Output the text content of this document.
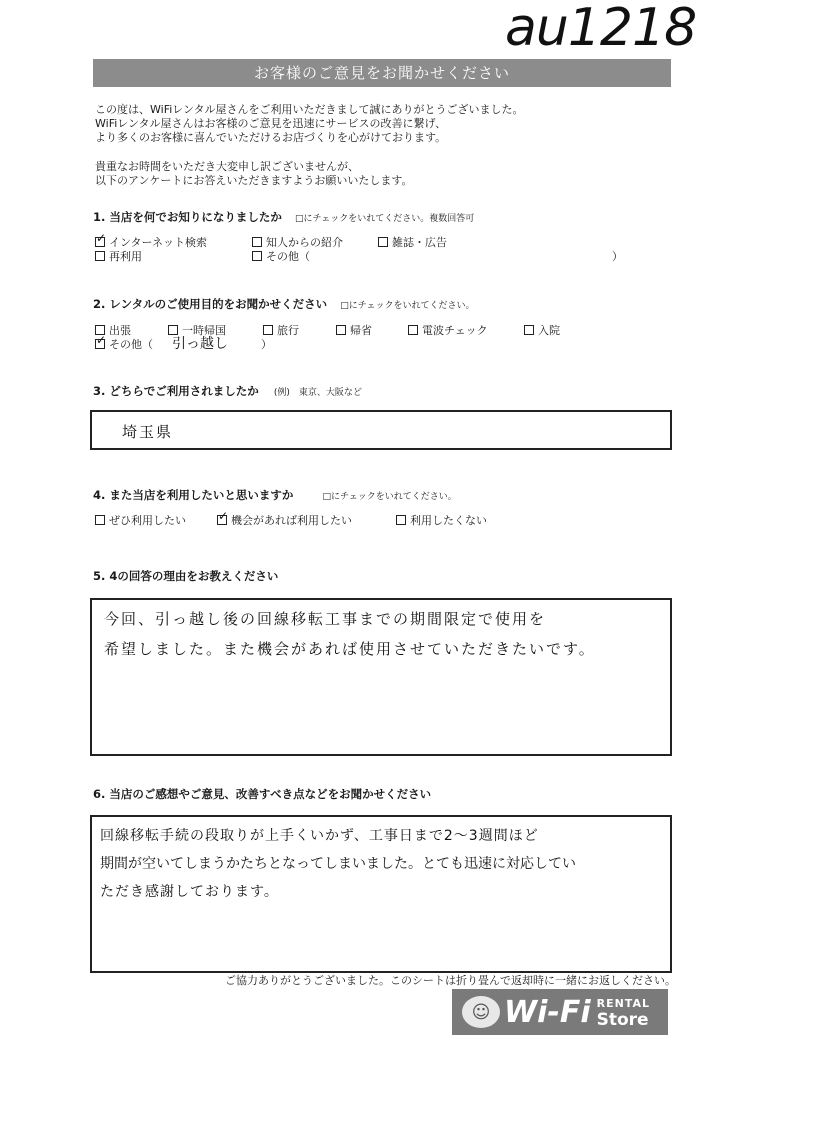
au1218
お客様のご意見をお聞かせください
この度は、WiFiレンタル屋さんをご利用いただきまして誠にありがとうございました。
WiFiレンタル屋さんはお客様のご意見を迅速にサービスの改善に繋げ、
より多くのお客様に喜んでいただけるお店づくりを心がけております。
貴重なお時間をいただき大変申し訳ございませんが、
以下のアンケートにお答えいただきますようお願いいたします。
1. 当店を何でお知りになりましたか □にチェックをいれてください。複数回答可
✓
インターネット検索	知人からの紹介	雑誌・広告
再利用	その他（	）
2. レンタルのご使用目的をお聞かせください □にチェックをいれてください。
出張	一時帰国	旅行	帰省	電波チェック	入院
✓
その他（ 引っ越し	）
3. どちらでご利用されましたか (例)　東京、大阪など
埼玉県
4. また当店を利用したいと思いますか	□にチェックをいれてください。
ぜひ利用したい
✓	機会があれば利用したい	利用したくない
5. 4の回答の理由をお教えください
今回、引っ越し後の回線移転工事までの期間限定で使用を
希望しました。また機会があれば使用させていただきたいです。
6. 当店のご感想やご意見、改善すべき点などをお聞かせください
回線移転手続の段取りが上手くいかず、工事日まで2～3週間ほど
期間が空いてしまうかたちとなってしまいました。とても迅速に対応してい
ただき感謝しております。
ご協力ありがとうございました。このシートは折り畳んで返却時に一緒にお返しください。
☺ Wi-Fi RENTAL
Store
